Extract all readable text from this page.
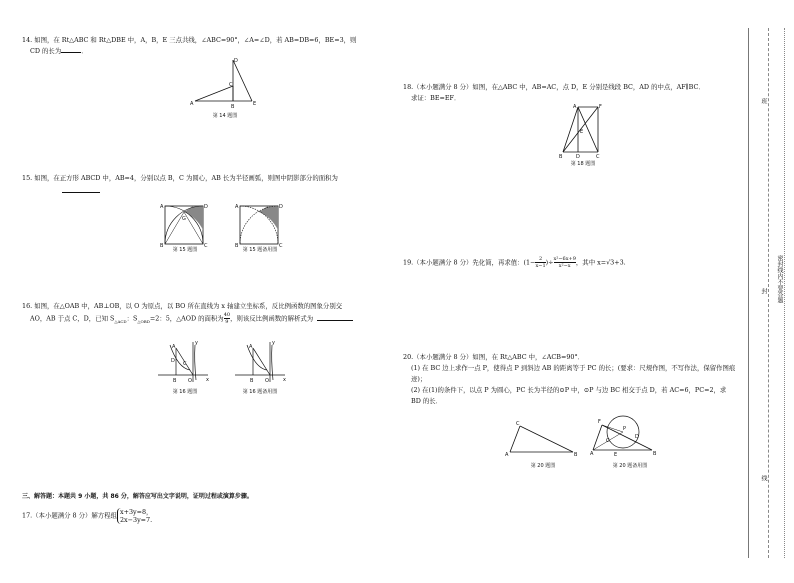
14. 如图，在 Rt△ABC 和 Rt△DBE 中，A，B，E 三点共线，∠ABC=90°，∠A=∠D，若 AB=DB=6，BE=3，则
CD 的长为	．
A	B
C
D
E
第 14 题图
15. 如图，在正方形 ABCD 中，AB=4，分别以点 B，C 为圆心，AB 长为半径画弧，则图中阴影部分的面积为
A	D
G
B	C
A	D
B	C
第 15 题图	第 15 题备用图
16. 如图，在△OAB 中，AB⊥OB，以 O 为原点，以 BO 所在直线为 x 轴建立坐标系，反比例函数的图象分别交
AO，AB 于点 C，D，已知 $S_{\triangle ACD}$：$S_{\triangle OBD}=2$：5，△AOD 的面积为 $\frac{40}{9}$ ，则该反比例函数的解析式为
A
D C
B O	x
y
A
B O	x
y
第 16 题图	第 16 题备用图
三、解答题：本题共 9 小题，共 86 分，解答应写出文字说明，证明过程或演算步骤。
17.（本小题满分 8 分）解方程组 x+3y=8，
2x−3y=7.
18.（本小题满分 8 分）如图，在△ABC 中，AB=AC，点 D，E 分别是线段 BC，AD 的中点，AF∥BC．
求证：BE=EF．
A	F
E
B	D	C
第 18 题图
19.（本小题满分 8 分）先化简，再求值：($1- \frac{2}{x-1}$ )÷ $\frac{\text{x²−6x+9}}{\text{x²−x}}$ ，其中 x=√3+3.
20.（本小题满分 8 分）如图，在 Rt△ABC 中，∠ACB=90°．
(1) 在 BC 边上求作一点 P，使得点 P 到斜边 AB 的距离等于 PC 的长；(要求：尺规作图，不写作法，保留作图痕
迹)；
(2) 在(1)的条件下，以点 P 为圆心，PC 长为半径的⊙P 中，⊙P 与边 BC 相交于点 D，若 AC=6，PC=2，求
BD 的长．
C
A	B
F
P
D
C
A	E	B
第 20 题图	第 20 题备用图
班
密封线内不要答题
封
线
